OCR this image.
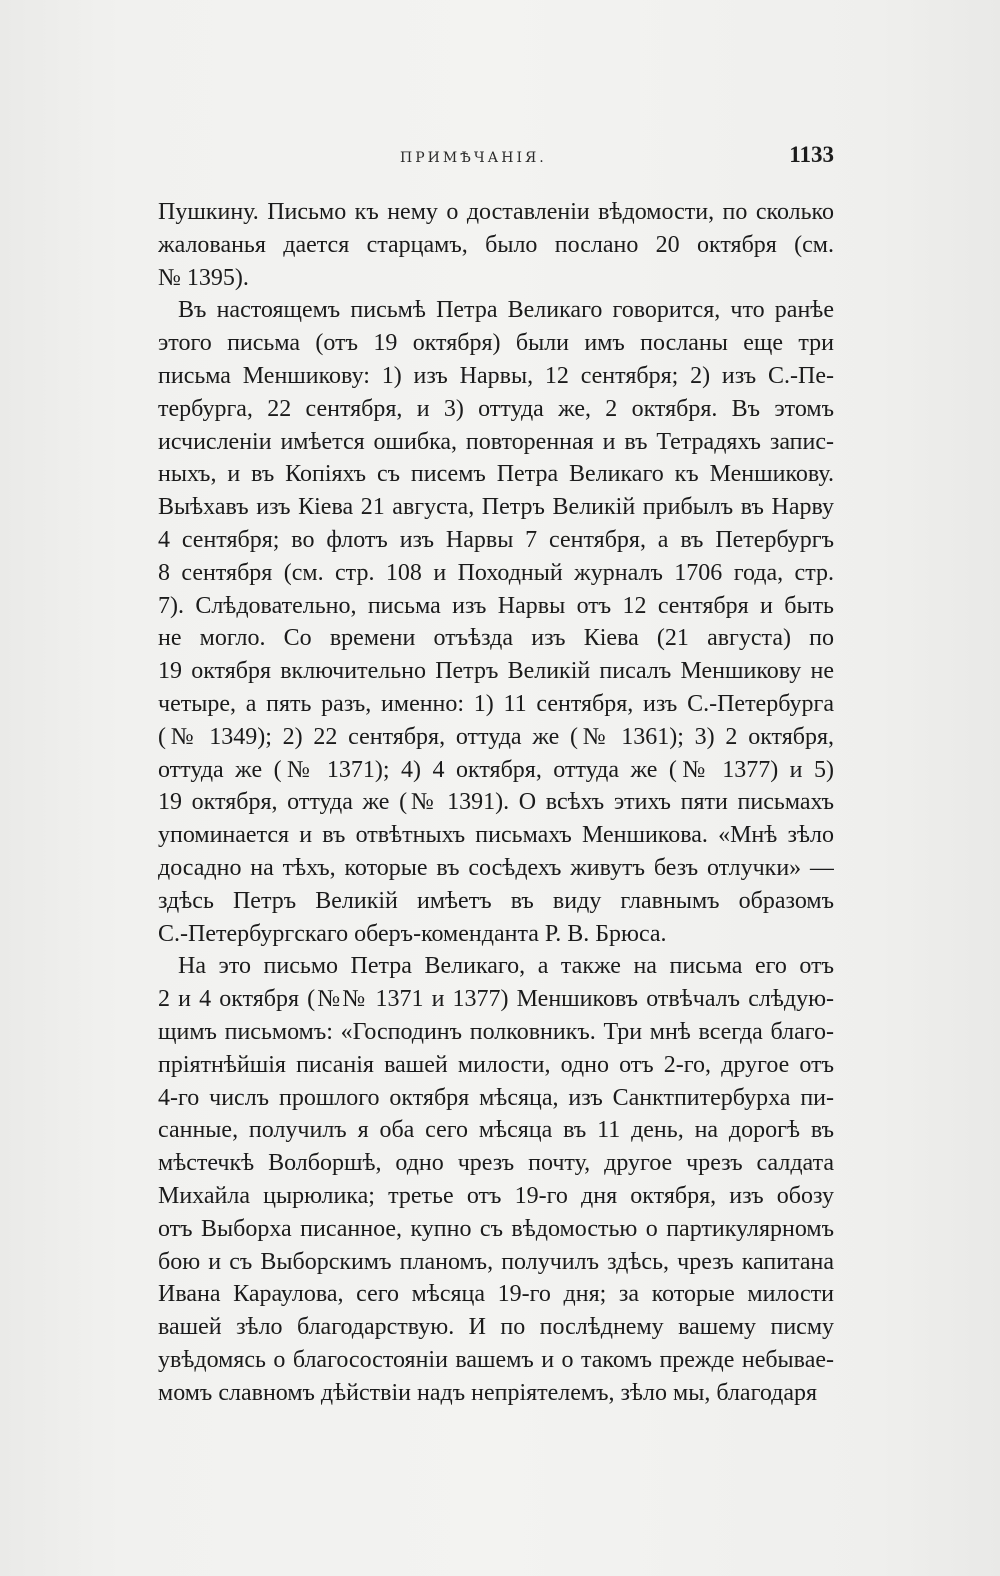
ПРИМѢЧАНІЯ.	1133
Пушкину. Письмо къ нему о доставленіи вѣдомости, по сколько
жалованья дается старцамъ, было послано 20 октября (см.
№ 1395).
Въ настоящемъ письмѣ Петра Великаго говорится, что ранѣе
этого письма (отъ 19 октября) были имъ посланы еще три
письма Меншикову: 1) изъ Нарвы, 12 сентября; 2) изъ С.-Пе-
тербурга, 22 сентября, и 3) оттуда же, 2 октября. Въ этомъ
исчисленіи имѣется ошибка, повторенная и въ Тетрадяхъ запис-
ныхъ, и въ Копіяхъ съ писемъ Петра Великаго къ Меншикову.
Выѣхавъ изъ Кіева 21 августа, Петръ Великій прибылъ въ Нарву
4 сентября; во флотъ изъ Нарвы 7 сентября, а въ Петербургъ
8 сентября (см. стр. 108 и Походный журналъ 1706 года, стр.
7). Слѣдовательно, письма изъ Нарвы отъ 12 сентября и быть
не могло. Со времени отъѣзда изъ Кіева (21 августа) по
19 октября включительно Петръ Великій писалъ Меншикову не
четыре, а пять разъ, именно: 1) 11 сентября, изъ С.-Петербурга
(№ 1349); 2) 22 сентября, оттуда же (№ 1361); 3) 2 октября,
оттуда же (№ 1371); 4) 4 октября, оттуда же (№ 1377) и 5)
19 октября, оттуда же (№ 1391). О всѣхъ этихъ пяти письмахъ
упоминается и въ отвѣтныхъ письмахъ Меншикова. «Мнѣ зѣло
досадно на тѣхъ, которые въ сосѣдехъ живутъ безъ отлучки» —
здѣсь Петръ Великій имѣетъ въ виду главнымъ образомъ
С.-Петербургскаго оберъ-коменданта Р. В. Брюса.
На это письмо Петра Великаго, а также на письма его отъ
2 и 4 октября (№№ 1371 и 1377) Меншиковъ отвѣчалъ слѣдую-
щимъ письмомъ: «Господинъ полковникъ. Три мнѣ всегда благо-
пріятнѣйшія писанія вашей милости, одно отъ 2-го, другое отъ
4-го числъ прошлого октября мѣсяца, изъ Санктпитербурха пи-
санные, получилъ я оба сего мѣсяца въ 11 день, на дорогѣ въ
мѣстечкѣ Волборшѣ, одно чрезъ почту, другое чрезъ салдата
Михайла цырюлика; третье отъ 19-го дня октября, изъ обозу
отъ Выборха писанное, купно съ вѣдомостью о партикулярномъ
бою и съ Выборскимъ планомъ, получилъ здѣсь, чрезъ капитана
Ивана Караулова, сего мѣсяца 19-го дня; за которые милости
вашей зѣло благодарствую. И по послѣднему вашему писму
увѣдомясь о благосостояніи вашемъ и о такомъ прежде небывае-
момъ славномъ дѣйствіи надъ непріятелемъ, зѣло мы, благодаря
